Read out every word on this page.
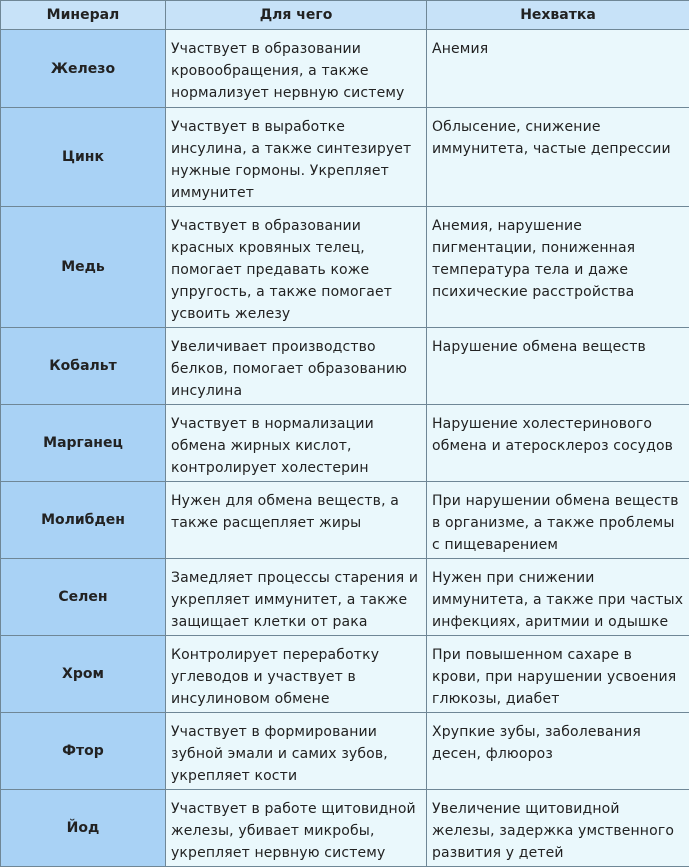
Минерал	Для чего	Нехватка
Железо	Участвует в образовании кровообращения, а также нормализует нервную систему	Анемия
Цинк	Участвует в выработке инсулина, а также синтезирует нужные гормоны. Укрепляет иммунитет	Облысение, снижение иммунитета, частые депрессии
Медь	Участвует в образовании красных кровяных телец, помогает предавать коже упругость, а также помогает усвоить железу	Анемия, нарушение пигментации, пониженная температура тела и даже психические расстройства
Кобальт	Увеличивает производство белков, помогает образованию инсулина	Нарушение обмена веществ
Марганец	Участвует в нормализации обмена жирных кислот, контролирует холестерин	Нарушение холестеринового обмена и атеросклероз сосудов
Молибден	Нужен для обмена веществ, а также расщепляет жиры	При нарушении обмена веществ в организме, а также проблемы с пищеварением
Селен	Замедляет процессы старения и укрепляет иммунитет, а также защищает клетки от рака	Нужен при снижении иммунитета, а также при частых инфекциях, аритмии и одышке
Хром	Контролирует переработку углеводов и участвует в инсулиновом обмене	При повышенном сахаре в крови, при нарушении усвоения глюкозы, диабет
Фтор	Участвует в формировании зубной эмали и самих зубов, укрепляет кости	Хрупкие зубы, заболевания десен, флюороз
Йод	Участвует в работе щитовидной железы, убивает микробы, укрепляет нервную систему	Увеличение щитовидной железы, задержка умственного развития у детей
